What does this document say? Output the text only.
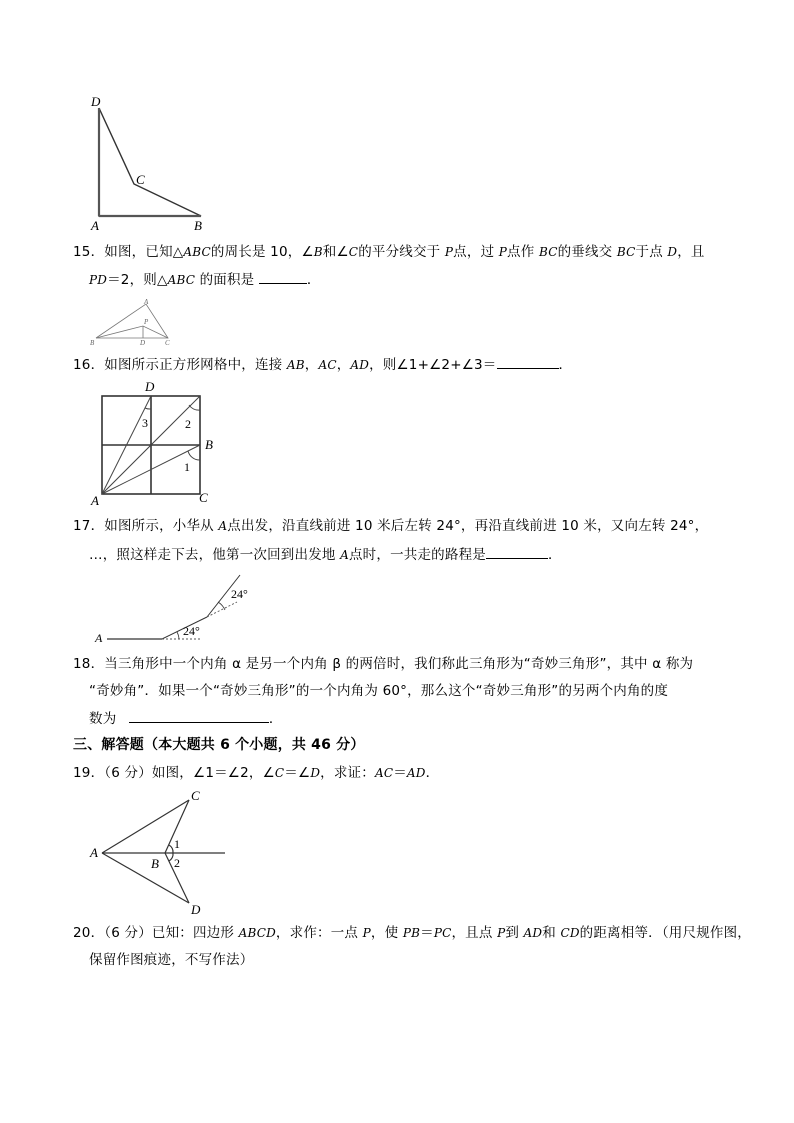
D
C
A	B
15．如图，已知△ABC的周长是 10，∠B和∠C的平分线交于 P点，过 P点作 BC的垂线交 BC于点 D，且
PD＝2，则△ABC 的面积是	．
A
P
B	D	C
16．如图所示正方形网格中，连接 AB，AC，AD，则∠1+∠2+∠3＝	．
D
B
A	C
1
2
3
17．如图所示，小华从 A点出发，沿直线前进 10 米后左转 24°，再沿直线前进 10 米，又向左转 24°，
…，照这样走下去，他第一次回到出发地 A点时，一共走的路程是	．
A	24°
24°
18．当三角形中一个内角 α 是另一个内角 β 的两倍时，我们称此三角形为“奇妙三角形”，其中 α 称为
“奇妙角”．如果一个“奇妙三角形”的一个内角为 60°，那么这个“奇妙三角形”的另两个内角的度
数为	．
三、解答题（本大题共 6 个小题，共 46 分）
19．（6 分）如图，∠1＝∠2，∠C＝∠D，求证：AC＝AD．
A
B
C
D
1
2
20．（6 分）已知：四边形 ABCD，求作：一点 P，使 PB＝PC，且点 P到 AD和 CD的距离相等．（用尺规作图，
保留作图痕迹，不写作法）
